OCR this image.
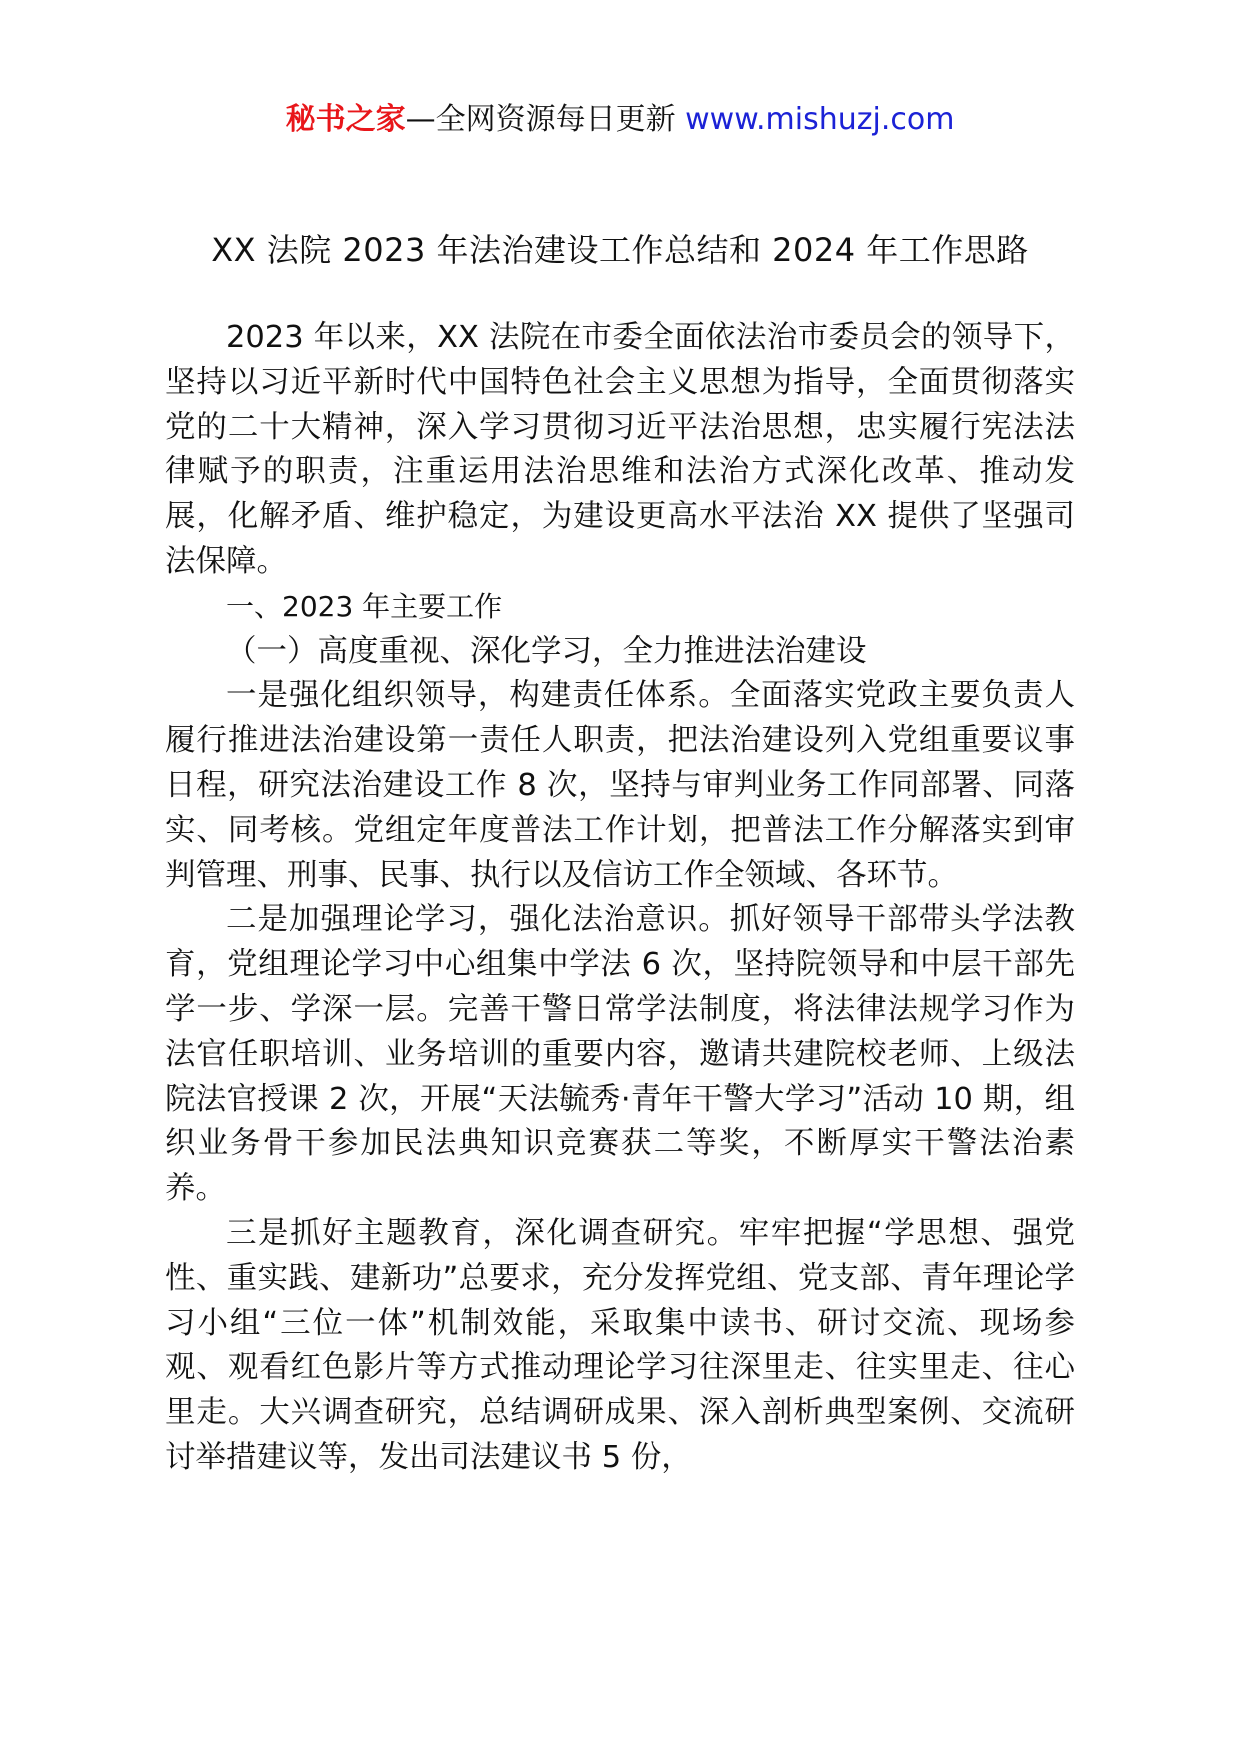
秘书之家—全网资源每日更新 www.mishuzj.com
XX 法院 2023 年法治建设工作总结和 2024 年工作思路

2023 年以来，XX 法院在市委全面依法治市委员会的领导下，坚持以习近平新时代中国特色社会主义思想为指导，全面贯彻落实党的二十大精神，深入学习贯彻习近平法治思想，忠实履行宪法法律赋予的职责，注重运用法治思维和法治方式深化改革、推动发展，化解矛盾、维护稳定，为建设更高水平法治 XX 提供了坚强司法保障。

一、2023 年主要工作

（一）高度重视、深化学习，全力推进法治建设

一是强化组织领导，构建责任体系。全面落实党政主要负责人履行推进法治建设第一责任人职责，把法治建设列入党组重要议事日程，研究法治建设工作 8 次，坚持与审判业务工作同部署、同落实、同考核。党组定年度普法工作计划，把普法工作分解落实到审判管理、刑事、民事、执行以及信访工作全领域、各环节。

二是加强理论学习，强化法治意识。抓好领导干部带头学法教育，党组理论学习中心组集中学法 6 次，坚持院领导和中层干部先学一步、学深一层。完善干警日常学法制度，将法律法规学习作为法官任职培训、业务培训的重要内容，邀请共建院校老师、上级法院法官授课 2 次，开展“天法毓秀·青年干警大学习”活动 10 期，组织业务骨干参加民法典知识竞赛获二等奖，不断厚实干警法治素养。

三是抓好主题教育，深化调查研究。牢牢把握“学思想、强党性、重实践、建新功”总要求，充分发挥党组、党支部、青年理论学习小组“三位一体”机制效能，采取集中读书、研讨交流、现场参观、观看红色影片等方式推动理论学习往深里走、往实里走、往心里走。大兴调查研究，总结调研成果、深入剖析典型案例、交流研讨举措建议等，发出司法建议书 5 份，
